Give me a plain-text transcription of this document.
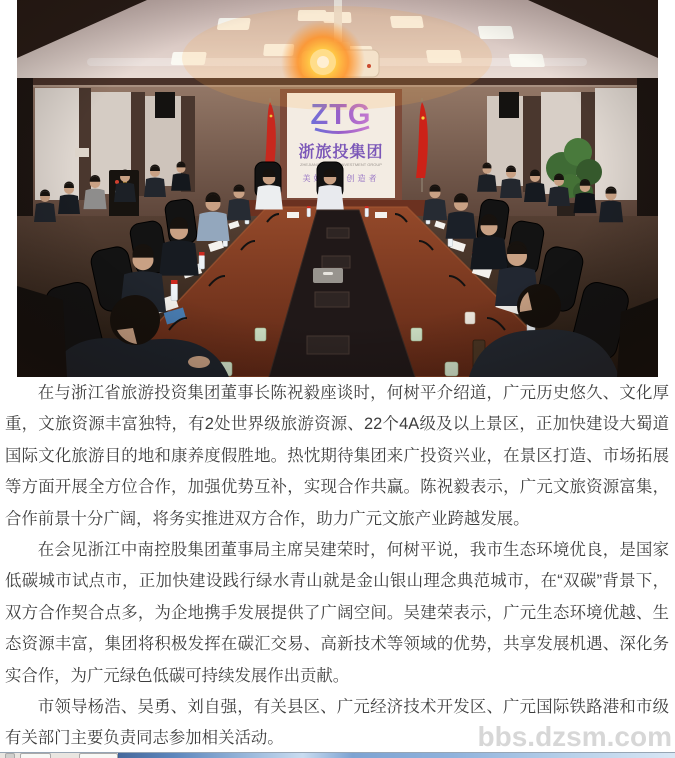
在与浙江省旅游投资集团董事长陈祝毅座谈时，何树平介绍道，广元历史悠久、文化厚重，文旅资源丰富独特，有2处世界级旅游资源、22个4A级及以上景区，正加快建设大蜀道国际文化旅游目的地和康养度假胜地。热忱期待集团来广投资兴业，在景区打造、市场拓展等方面开展全方位合作，加强优势互补，实现合作共赢。陈祝毅表示，广元文旅资源富集，合作前景十分广阔，将务实推进双方合作，助力广元文旅产业跨越发展。

在会见浙江中南控股集团董事局主席吴建荣时，何树平说，我市生态环境优良，是国家低碳城市试点市，正加快建设践行绿水青山就是金山银山理念典范城市，在“双碳”背景下，双方合作契合点多，为企地携手发展提供了广阔空间。吴建荣表示，广元生态环境优越、生态资源丰富，集团将积极发挥在碳汇交易、高新技术等领域的优势，共享发展机遇、深化务实合作，为广元绿色低碳可持续发展作出贡献。

市领导杨浩、吴勇、刘自强，有关县区、广元经济技术开发区、广元国际铁路港和市级有关部门主要负责同志参加相关活动。	bbs.dzsm.com
